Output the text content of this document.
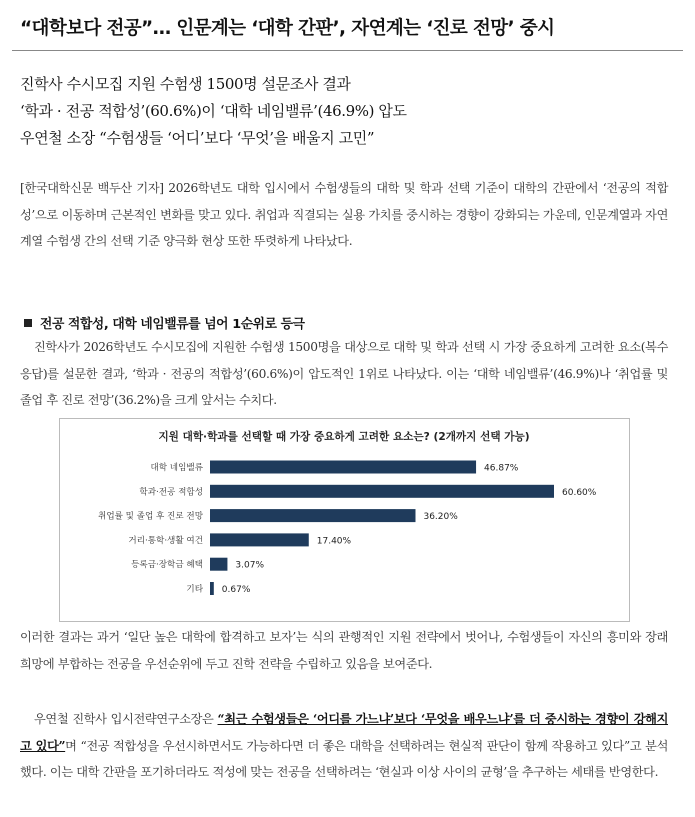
“대학보다 전공”… 인문계는 ‘대학 간판’, 자연계는 ‘진로 전망’ 중시
진학사 수시모집 지원 수험생 1500명 설문조사 결과
‘학과 · 전공 적합성’(60.6%)이 ‘대학 네임밸류’(46.9%) 압도
우연철 소장 “수험생들 ‘어디’보다 ‘무엇’을 배울지 고민”
[한국대학신문 백두산 기자] 2026학년도 대학 입시에서 수험생들의 대학 및 학과 선택 기준이 대학의 간판에서 ‘전공의 적합성’으로 이동하며 근본적인 변화를 맞고 있다. 취업과 직결되는 실용 가치를 중시하는 경향이 강화되는 가운데, 인문계열과 자연계열 수험생 간의 선택 기준 양극화 현상 또한 뚜렷하게 나타났다.
전공 적합성, 대학 네임밸류를 넘어 1순위로 등극
진학사가 2026학년도 수시모집에 지원한 수험생 1500명을 대상으로 대학 및 학과 선택 시 가장 중요하게 고려한 요소(복수 응답)를 설문한 결과, ‘학과 · 전공의 적합성’(60.6%)이 압도적인 1위로 나타났다. 이는 ‘대학 네임밸류’(46.9%)나 ‘취업률 및 졸업 후 진로 전망’(36.2%)을 크게 앞서는 수치다.
지원 대학·학과를 선택할 때 가장 중요하게 고려한 요소는? (2개까지 선택 가능)
대학 네임밸류	46.87%
학과·전공 적합성	60.60%
취업률 및 졸업 후 진로 전망	36.20%
거리·통학·생활 여건	17.40%
등록금·장학금 혜택	3.07%
기타 0.67%
이러한 결과는 과거 ‘일단 높은 대학에 합격하고 보자’는 식의 관행적인 지원 전략에서 벗어나, 수험생들이 자신의 흥미와 장래 희망에 부합하는 전공을 우선순위에 두고 진학 전략을 수립하고 있음을 보여준다.
우연철 진학사 입시전략연구소장은 “최근 수험생들은 ‘어디를 가느냐’보다 ‘무엇을 배우느냐’를 더 중시하는 경향이 강해지고 있다”며 “전공 적합성을 우선시하면서도 가능하다면 더 좋은 대학을 선택하려는 현실적 판단이 함께 작용하고 있다”고 분석했다. 이는 대학 간판을 포기하더라도 적성에 맞는 전공을 선택하려는 ‘현실과 이상 사이의 균형’을 추구하는 세태를 반영한다.
